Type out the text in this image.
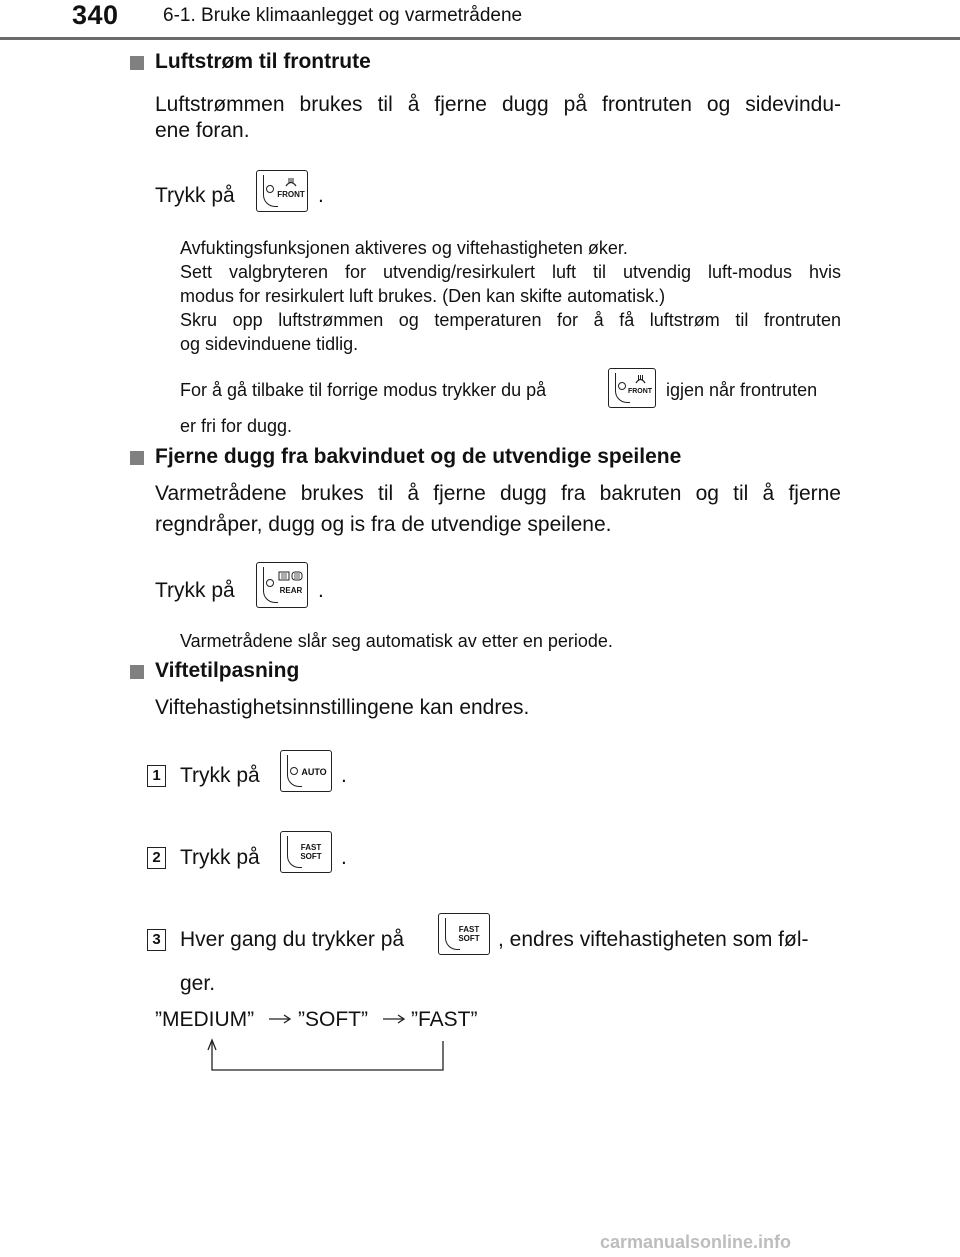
340 6-1. Bruke klimaanlegget og varmetrådene
Luftstrøm til frontrute
Luftstrømmen brukes til å fjerne dugg på frontruten og sidevindu-
ene foran.
Trykk på	FRONT .
Avfuktingsfunksjonen aktiveres og viftehastigheten øker.
Sett valgbryteren for utvendig/resirkulert luft til utvendig luft-modus hvis
modus for resirkulert luft brukes. (Den kan skifte automatisk.)
Skru opp luftstrømmen og temperaturen for å få luftstrøm til frontruten
og sidevinduene tidlig.
For å gå tilbake til forrige modus trykker du på	FRONT igjen når frontruten
er fri for dugg.
Fjerne dugg fra bakvinduet og de utvendige speilene
Varmetrådene brukes til å fjerne dugg fra bakruten og til å fjerne
regndråper, dugg og is fra de utvendige speilene.
Trykk på	REAR .
Varmetrådene slår seg automatisk av etter en periode.
Viftetilpasning
Viftehastighetsinnstillingene kan endres.
1 Trykk på	AUTO .
2 Trykk på	FAST
SOFT .
3 Hver gang du trykker på	FAST
SOFT , endres viftehastigheten som føl-
ger.
”MEDIUM” ”SOFT” ”FAST”
carmanualsonline.info
